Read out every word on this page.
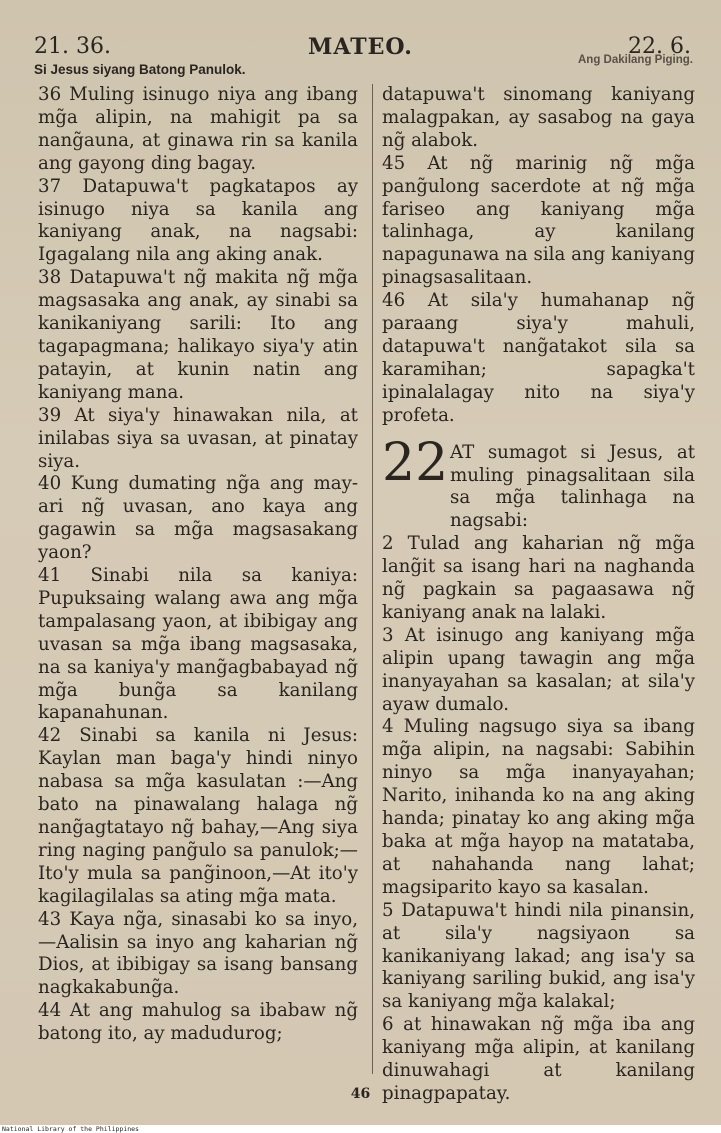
21. 36.	MATEO.	22. 6.
Si Jesus siyang Batong Panulok.
Ang Dakilang Piging.

36 Muling isinugo niya ang ibang mg̃a alipin, na mahigit pa sa nang̃auna, at ginawa rin sa kanila ang gayong ding bagay.

37 Datapuwa't pagkatapos ay isinugo niya sa kanila ang kaniyang anak, na nagsabi: Igagalang nila ang aking anak.

38 Datapuwa't ng̃ makita ng̃ mg̃a magsasaka ang anak, ay sinabi sa kanikaniyang sarili: Ito ang tagapagmana; halikayo siya'y atin patayin, at kunin natin ang kaniyang mana.

39 At siya'y hinawakan nila, at inilabas siya sa uvasan, at pinatay siya.

40 Kung dumating ng̃a ang may-ari ng̃ uvasan, ano kaya ang gagawin sa mg̃a magsasakang yaon?

41 Sinabi nila sa kaniya: Pupuksaing walang awa ang mg̃a tampalasang yaon, at ibibigay ang uvasan sa mg̃a ibang magsasaka, na sa kaniya'y mang̃agbabayad ng̃ mg̃a bung̃a sa kanilang kapanahunan.

42 Sinabi sa kanila ni Jesus: Kaylan man baga'y hindi ninyo nabasa sa mg̃a kasulatan :—Ang bato na pinawalang halaga ng̃ nang̃agtatayo ng̃ bahay,—Ang siya ring naging pang̃ulo sa panulok;—Ito'y mula sa pang̃inoon,—At ito'y kagilagilalas sa ating mg̃a mata.

43 Kaya ng̃a, sinasabi ko sa inyo,—Aalisin sa inyo ang kaharian ng̃ Dios, at ibibigay sa isang bansang nagkakabung̃a.

44 At ang mahulog sa ibabaw ng̃ batong ito, ay madudurog;

datapuwa't sinomang kaniyang malagpakan, ay sasabog na gaya ng̃ alabok.

45 At ng̃ marinig ng̃ mg̃a pang̃ulong sacerdote at ng̃ mg̃a fariseo ang kaniyang mg̃a talinhaga, ay kanilang napagunawa na sila ang kaniyang pinagsasalitaan.

46 At sila'y humahanap ng̃ paraang siya'y mahuli, datapuwa't nang̃atakot sila sa karamihan; sapagka't ipinalalagay nito na siya'y profeta.

22 AT sumagot si Jesus, at muling pinagsalitaan sila sa mg̃a talinhaga na nagsabi:

2 Tulad ang kaharian ng̃ mg̃a lang̃it sa isang hari na naghanda ng̃ pagkain sa pagaasawa ng̃ kaniyang anak na lalaki.

3 At isinugo ang kaniyang mg̃a alipin upang tawagin ang mg̃a inanyayahan sa kasalan; at sila'y ayaw dumalo.

4 Muling nagsugo siya sa ibang mg̃a alipin, na nagsabi: Sabihin ninyo sa mg̃a inanyayahan; Narito, inihanda ko na ang aking handa; pinatay ko ang aking mg̃a baka at mg̃a hayop na matataba, at nahahanda nang lahat; magsiparito kayo sa kasalan.

5 Datapuwa't hindi nila pinansin, at sila'y nagsiyaon sa kanikaniyang lakad; ang isa'y sa kaniyang sariling bukid, ang isa'y sa kaniyang mg̃a kalakal;

6 at hinawakan ng̃ mg̃a iba ang kaniyang mg̃a alipin, at kanilang dinuwahagi at kanilang pinagpapatay.

46
National Library of the Philippines
